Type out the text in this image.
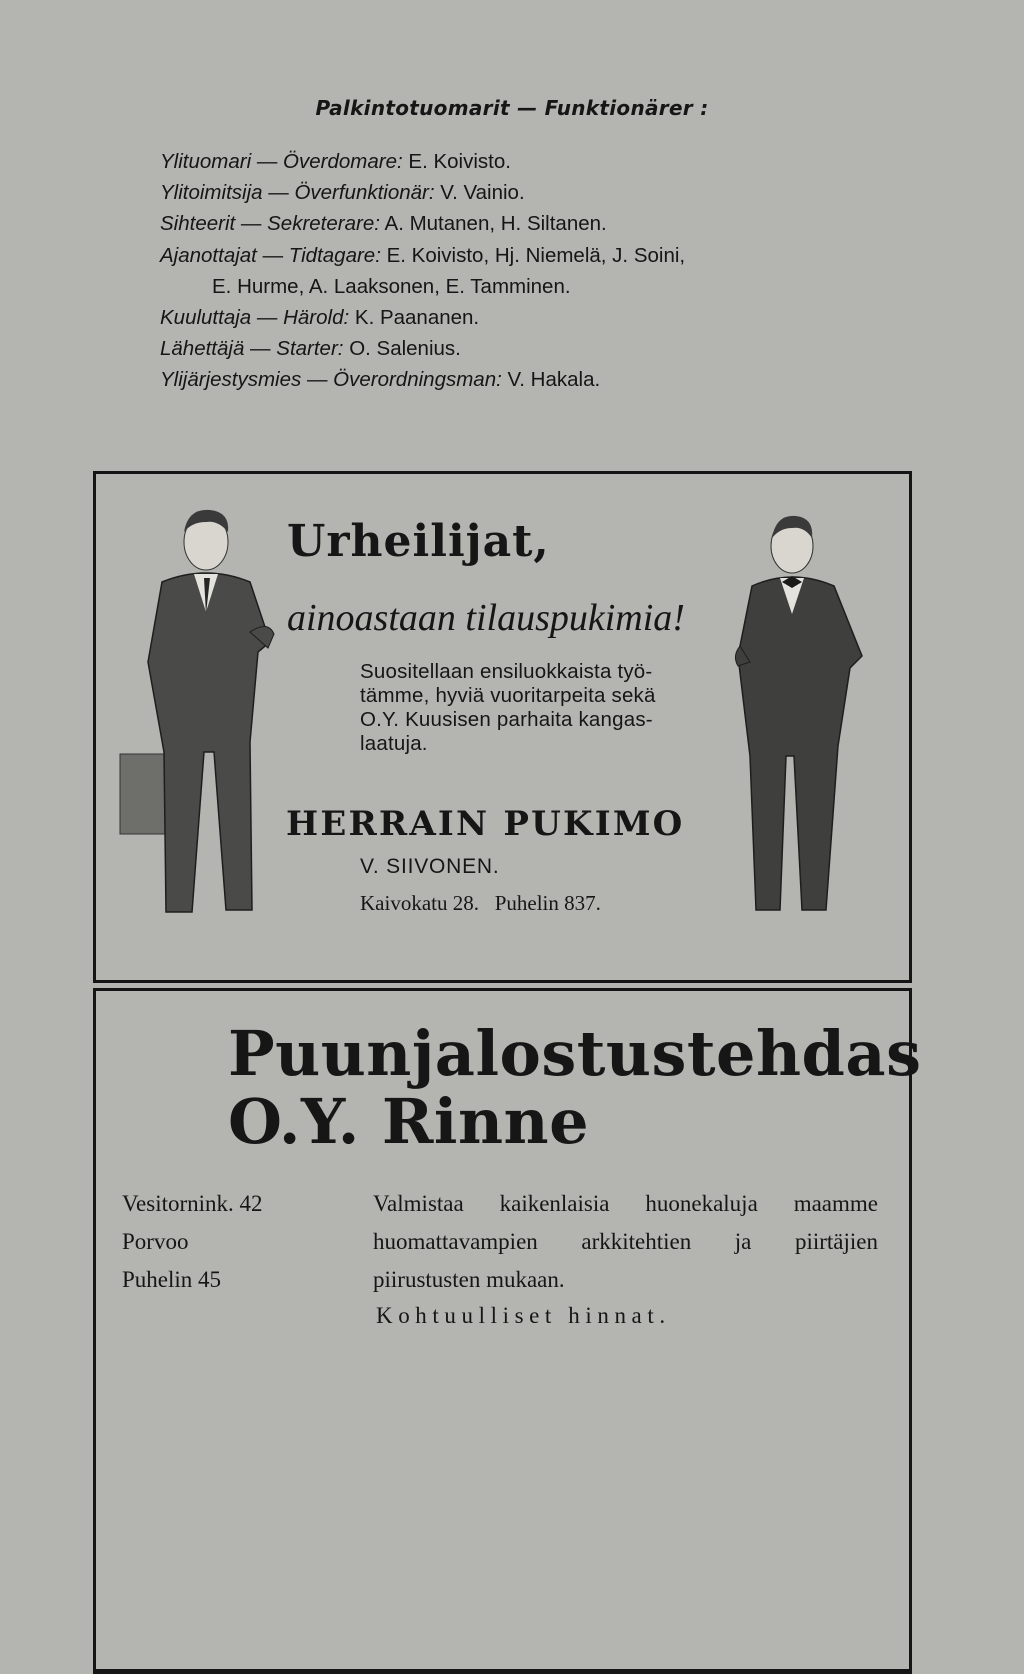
Palkintotuomarit — Funktionärer :
Ylituomari — Överdomare: E. Koivisto.
Ylitoimitsija — Överfunktionär: V. Vainio.
Sihteerit — Sekreterare: A. Mutanen, H. Siltanen.
Ajanottajat — Tidtagare: E. Koivisto, Hj. Niemelä, J. Soini,
E. Hurme, A. Laaksonen, E. Tamminen.
Kuuluttaja — Härold: K. Paananen.
Lähettäjä — Starter: O. Salenius.
Ylijärjestysmies — Överordningsman: V. Hakala.
Urheilijat,
ainoastaan tilauspukimia!
Suositellaan ensiluokkaista työ-
tämme, hyviä vuoritarpeita sekä
O.Y. Kuusisen parhaita kangas-
laatuja.
HERRAIN PUKIMO
V. SIIVONEN.
Kaivokatu 28.   Puhelin 837.
Puunjalostustehdas
O.Y. Rinne
Vesitornink. 42
Porvoo
Puhelin 45
Valmistaa kaikenlaisia huonekaluja maamme
huomattavampien arkkitehtien ja piirtäjien
piirustusten mukaan.
Kohtuulliset hinnat.
